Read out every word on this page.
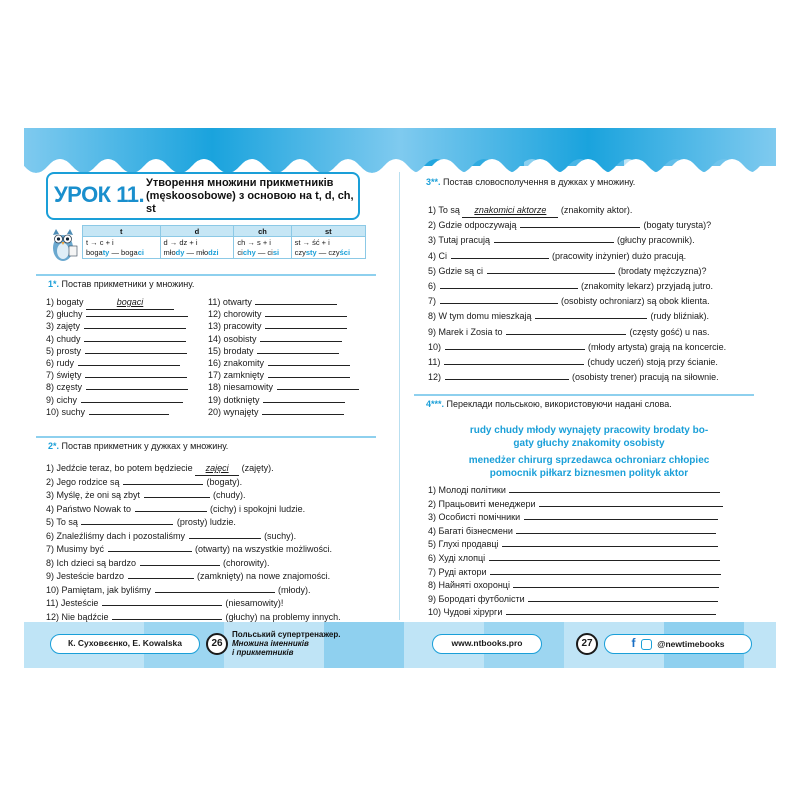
УРОК 11. Утворення множини прикметників (męskoosobowe) з основою на t, d, ch, st
t	d	ch	st
t → c + i	d → dz + i	ch → s + i	st → ść + i
bogaty — bogaci	młody — młodzi	cichy — cisi	czysty — czyści
1*. Постав прикметники у множину.
1) bogaty	bogaci
2) głuchy
3) zajęty
4) chudy
5) prosty
6) rudy
7) święty
8) częsty
9) cichy
10) suchy
11) otwarty
12) chorowity
13) pracowity
14) osobisty
15) brodaty
16) znakomity
17) zamknięty
18) niesamowity
19) dotknięty
20) wynajęty
2*. Постав прикметник у дужках у множину.
1) Jedźcie teraz, bo potem będziecie zajęci (zajęty).
2) Jego rodzice są	(bogaty).
3) Myślę, że oni są zbyt	(chudy).
4) Państwo Nowak to	(cichy) i spokojni ludzie.
5) To są	(prosty) ludzie.
6) Znaleźliśmy dach i pozostaliśmy	(suchy).
7) Musimy być	(otwarty) na wszystkie możliwości.
8) Ich dzieci są bardzo	(chorowity).
9) Jesteście bardzo	(zamknięty) na nowe znajomości.
10) Pamiętam, jak byliśmy	(młody).
11) Jesteście	(niesamowity)!
12) Nie bądźcie	(głuchy) na problemy innych.
3**. Постав словосполучення в дужках у множину.
1) To są znakomici aktorze (znakomity aktor).
2) Gdzie odpoczywają	(bogaty turysta)?
3) Tutaj pracują	(głuchy pracownik).
4) Ci	(pracowity inżynier) dużo pracują.
5) Gdzie są ci	(brodaty mężczyzna)?
6)	(znakomity lekarz) przyjadą jutro.
7)	(osobisty ochroniarz) są obok klienta.
8) W tym domu mieszkają	(rudy bliźniak).
9) Marek i Zosia to	(częsty gość) u nas.
10)	(młody artysta) grają na koncercie.
11)	(chudy uczeń) stoją przy ścianie.
12)	(osobisty trener) pracują na siłownie.
4***. Переклади польською, використовуючи надані слова.
rudy chudy młody wynajęty pracowity brodaty bo-
gaty głuchy znakomity osobisty
menedżer chirurg sprzedawca ochroniarz chłopiec
pomocnik piłkarz biznesmen polityk aktor
1) Молоді політики
2) Працьовиті менеджери
3) Особисті помічники
4) Багаті бізнесмени
5) Глухі продавці
6) Худі хлопці
7) Руді актори
8) Найняті охоронці
9) Бородаті футболісти
10) Чудові хірурги
К. Суховєєнко, Е. Kowalska	26
Польський супертренажер.
Множина іменників
і прикметників
www.ntbooks.pro	27	f	@newtimebooks
